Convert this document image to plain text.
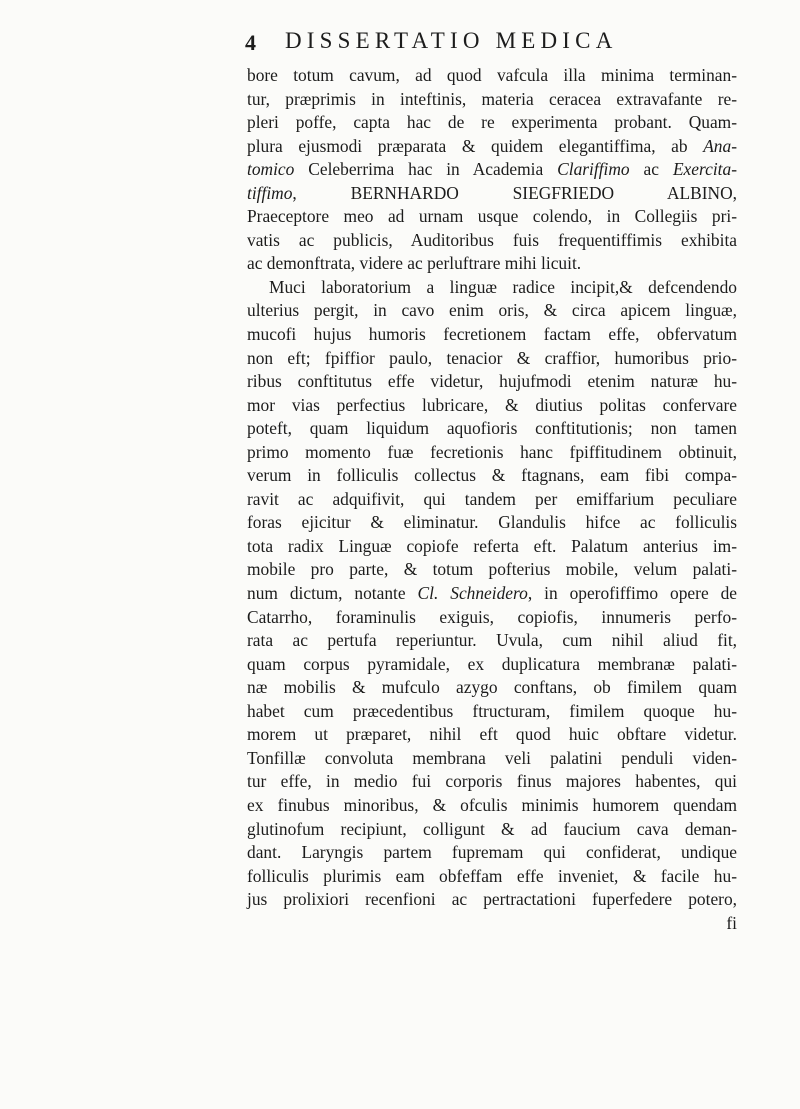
4 DISSERTATIO MEDICA
bore totum cavum, ad quod vafcula illa minima terminan-
tur, præprimis in inteftinis, materia ceracea extravafante re-
pleri poffe, capta hac de re experimenta probant. Quam-
plura ejusmodi præparata & quidem elegantiffima, ab Ana-
tomico Celeberrima hac in Academia Clariffimo ac Exercita-
tiffimo, BERNHARDO SIEGFRIEDO ALBINO,
Praeceptore meo ad urnam usque colendo, in Collegiis pri-
vatis ac publicis, Auditoribus fuis frequentiffimis exhibita
ac demonftrata, videre ac perluftrare mihi licuit.
Muci laboratorium a linguæ radice incipit,& defcendendo
ulterius pergit, in cavo enim oris, & circa apicem linguæ,
mucofi hujus humoris fecretionem factam effe, obfervatum
non eft; fpiffior paulo, tenacior & craffior, humoribus prio-
ribus conftitutus effe videtur, hujufmodi etenim naturæ hu-
mor vias perfectius lubricare, & diutius politas confervare
poteft, quam liquidum aquofioris conftitutionis; non tamen
primo momento fuæ fecretionis hanc fpiffitudinem obtinuit,
verum in folliculis collectus & ftagnans, eam fibi compa-
ravit ac adquifivit, qui tandem per emiffarium peculiare
foras ejicitur & eliminatur. Glandulis hifce ac folliculis
tota radix Linguæ copiofe referta eft. Palatum anterius im-
mobile pro parte, & totum pofterius mobile, velum palati-
num dictum, notante Cl. Schneidero, in operofiffimo opere de
Catarrho, foraminulis exiguis, copiofis, innumeris perfo-
rata ac pertufa reperiuntur. Uvula, cum nihil aliud fit,
quam corpus pyramidale, ex duplicatura membranæ palati-
næ mobilis & mufculo azygo conftans, ob fimilem quam
habet cum præcedentibus ftructuram, fimilem quoque hu-
morem ut præparet, nihil eft quod huic obftare videtur.
Tonfillæ convoluta membrana veli palatini penduli viden-
tur effe, in medio fui corporis finus majores habentes, qui
ex finubus minoribus, & ofculis minimis humorem quendam
glutinofum recipiunt, colligunt & ad faucium cava deman-
dant. Laryngis partem fupremam qui confiderat, undique
folliculis plurimis eam obfeffam effe inveniet, & facile hu-
jus prolixiori recenfioni ac pertractationi fuperfedere potero,
fi
